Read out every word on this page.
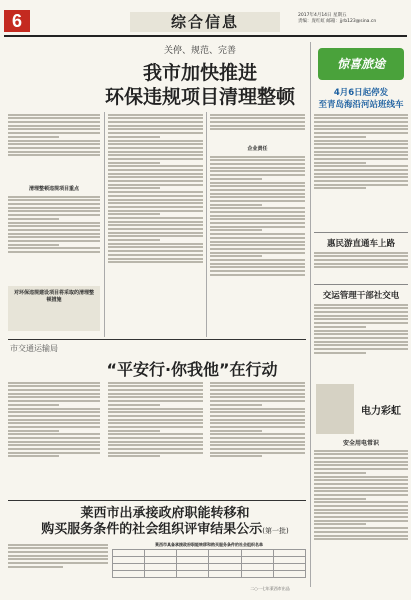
6	综合信息	2017年4月14日 星期五
责编：庞红虹 邮箱：jjrb123@sina.cn
关停、规范、完善
我市加快推进
环保违规项目清理整顿
清理整顿违规项目重点
对环保违规建设项目将采取的清理整顿措施
企业责任
惊喜旅途
4月6日起停发
至青岛海沿河站班线车
惠民游直通车上路
交运管理干部社交电
电力彩虹
安全用电常识
市交通运输局
“平安行·你我他”在行动
莱西市出承接政府职能转移和
购买服务条件的社会组织评审结果公示(第一批)
莱西市具备承接政府职能转移和购买服务条件的社会组织名单

二○一七年莱西市出品
